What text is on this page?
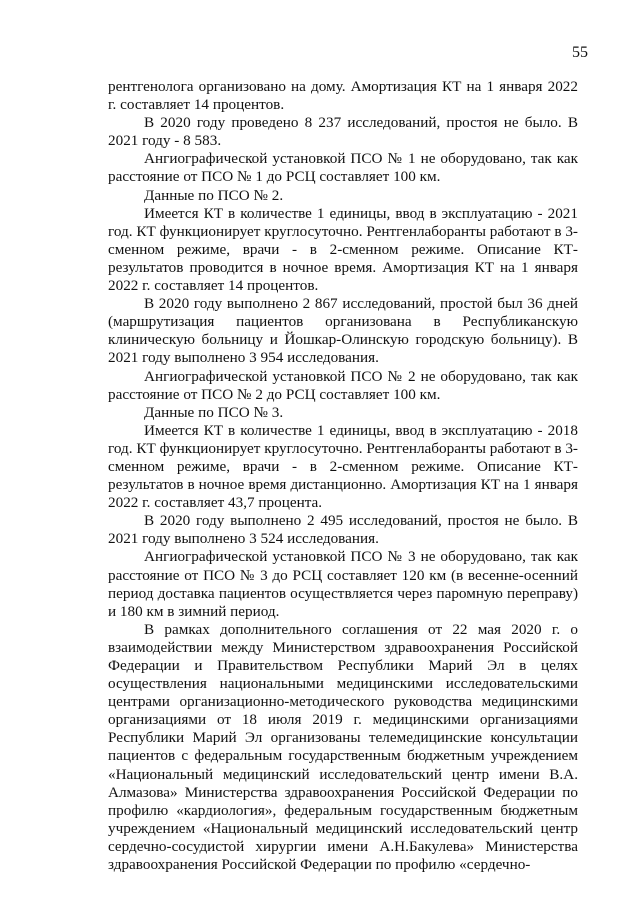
55

рентгенолога организовано на дому. Амортизация КТ на 1 января 2022 г. составляет 14 процентов.

В 2020 году проведено 8 237 исследований, простоя не было. В 2021 году - 8 583.

Ангиографической установкой ПСО № 1 не оборудовано, так как расстояние от ПСО № 1 до РСЦ составляет 100 км.

Данные по ПСО № 2.

Имеется КТ в количестве 1 единицы, ввод в эксплуатацию - 2021 год. КТ функционирует круглосуточно. Рентгенлаборанты работают в 3-сменном режиме, врачи - в 2-сменном режиме. Описание КТ-результатов проводится в ночное время. Амортизация КТ на 1 января 2022 г. составляет 14 процентов.

В 2020 году выполнено 2 867 исследований, простой был 36 дней (маршрутизация пациентов организована в Республиканскую клиническую больницу и Йошкар-Олинскую городскую больницу). В 2021 году выполнено 3 954 исследования.

Ангиографической установкой ПСО № 2 не оборудовано, так как расстояние от ПСО № 2 до РСЦ составляет 100 км.

Данные по ПСО № 3.

Имеется КТ в количестве 1 единицы, ввод в эксплуатацию - 2018 год. КТ функционирует круглосуточно. Рентгенлаборанты работают в 3-сменном режиме, врачи - в 2-сменном режиме. Описание КТ-результатов в ночное время дистанционно. Амортизация КТ на 1 января 2022 г. составляет 43,7 процента.

В 2020 году выполнено 2 495 исследований, простоя не было. В 2021 году выполнено 3 524 исследования.

Ангиографической установкой ПСО № 3 не оборудовано, так как расстояние от ПСО № 3 до РСЦ составляет 120 км (в весенне-осенний период доставка пациентов осуществляется через паромную переправу) и 180 км в зимний период.

В рамках дополнительного соглашения от 22 мая 2020 г. о взаимодействии между Министерством здравоохранения Российской Федерации и Правительством Республики Марий Эл в целях осуществления национальными медицинскими исследовательскими центрами организационно-методического руководства медицинскими организациями от 18 июля 2019 г. медицинскими организациями Республики Марий Эл организованы телемедицинские консультации пациентов с федеральным государственным бюджетным учреждением «Национальный медицинский исследовательский центр имени В.А. Алмазова» Министерства здравоохранения Российской Федерации по профилю «кардиология», федеральным государственным бюджетным учреждением «Национальный медицинский исследовательский центр сердечно-сосудистой хирургии имени А.Н.Бакулева» Министерства здравоохранения Российской Федерации по профилю «сердечно-
